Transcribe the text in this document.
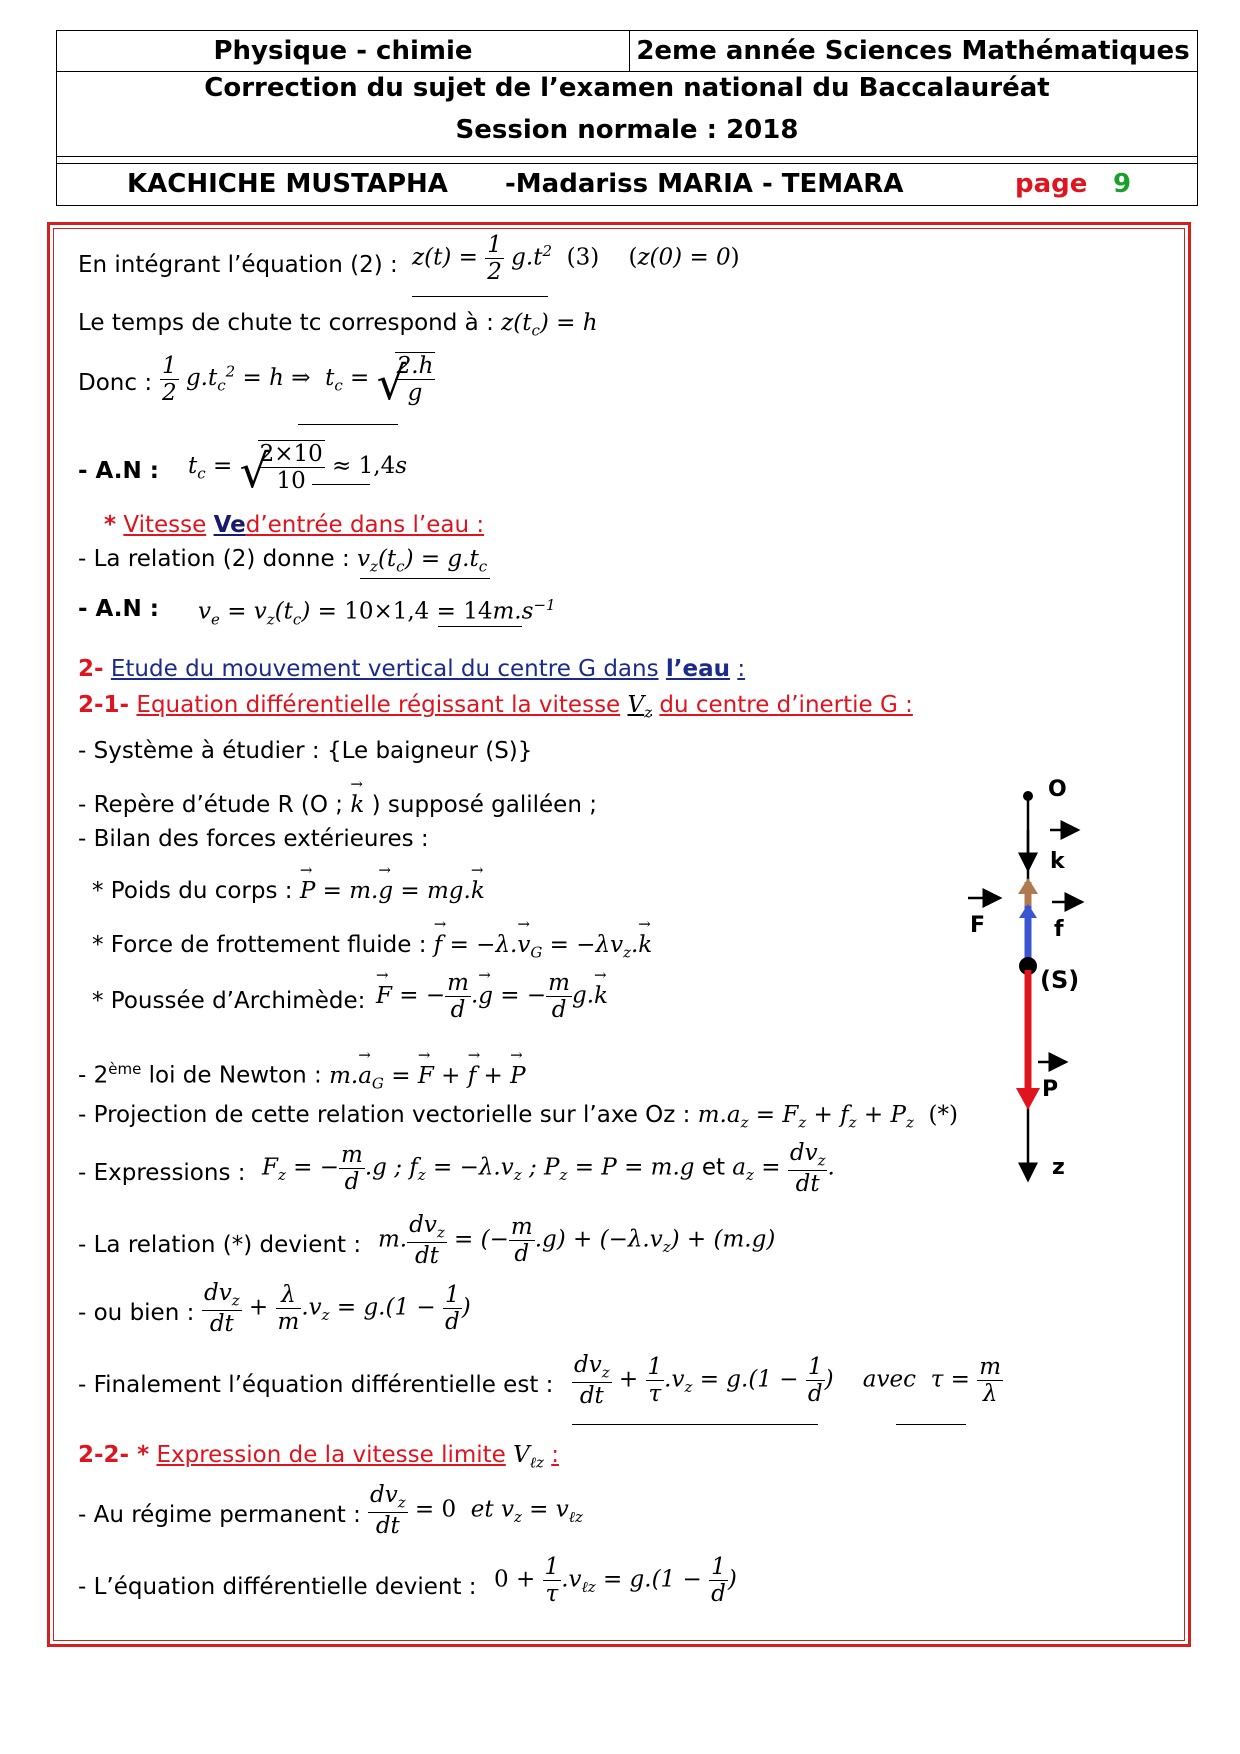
Physique - chimie	2eme année Sciences Mathématiques
Correction du sujet de l’examen national du Baccalauréat
Session normale : 2018
KACHICHE MUSTAPHA -Madariss MARIA - TEMARA	page 9
En intégrant l’équation (2) : $z(t) = \frac{1}{2} g.t^2$ (3) (z(0) = 0)
Le temps de chute tc correspond à : $z(t_c) = h$
Donc : $\frac{1}{2} g.t_c^2 = h$ ⇒  $t_c$ = √
$\frac{2.h}{g}$
- A.N : $t_c$ = √
$\frac{2\times 10}{10} \approx 1,4s$
* Vitesse Ved’entrée dans l’eau :
- La relation (2) donne : $v_z(t_c) = g.t_c$
- A.N : $v_e = v_z(t_c) = 10\times 1,4 = 14m.s^{-1}$
2- Etude du mouvement vertical du centre G dans l’eau :
2-1- Equation différentielle régissant la vitesse $V_z$ du centre d’inertie G :
- Système à étudier : {Le baigneur (S)}
- Repère d’étude R (O ; → k ) supposé galiléen ;
- Bilan des forces extérieures :
* Poids du corps : → P = m.→ g = mg.→ k
* Force de frottement fluide : → $f = -\lambda.\to v_G = -\lambda v_z.\to k$
* Poussée d’Archimède: → F = − $\frac{m}{d}$ .→ g = − $\frac{m}{d} g.\to k$
- 2ème loi de Newton : $m.\to a_G$ = → F + → f + → P
- Projection de cette relation vectorielle sur l’axe Oz : $m.a_z = F_z + f_z + P_z$ (*)
- Expressions : $F_z$ = − $\frac{m}{d} .g$ ; $f_z = -\lambda.v_z$ ; $P_z = P = m.g$ et $a_z = \frac{dv_z}{dt}$ .
- La relation (*) devient : m. $\frac{dv_z}{dt}$ = (− $\frac{m}{d} .g) + (-\lambda.v_z) + (m.g)$
- ou bien : $\frac{dv_z}{dt} + \frac{\lambda}{m} .v_z = g.(1 - \frac{1}{d}$ )
- Finalement l’équation différentielle est : $\frac{dv_z}{dt} + \frac{1}{\tau} .v_z = g.(1 - \frac{1}{d}$ )    avec  $\tau = \frac{m}{\lambda}$
2-2- * Expression de la vitesse limite $V_{\ell z}$ :
- Au régime permanent : $\frac{dv_z}{dt} = 0$  et $v_z = v_{\ell z}$
- L’équation différentielle devient : $0 + \frac{1}{\tau} .v_{\ell z} = g.(1 - \frac{1}{d}$ )
O
k
F	f
(S)
P
z
